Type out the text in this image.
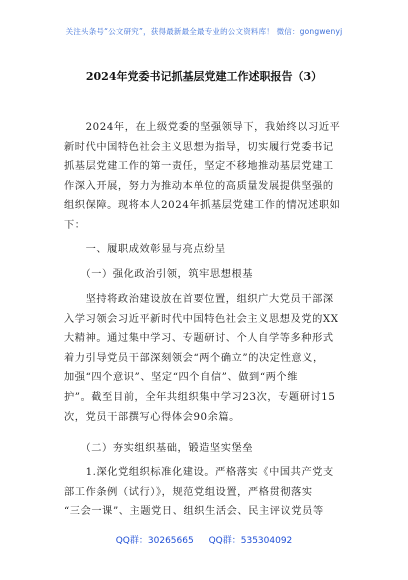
关注头条号“公文研究”，获得最新最全最专业的公文资料库！ 微信：gongwenyj
2024年党委书记抓基层党建工作述职报告（3）
　　2024年，在上级党委的坚强领导下，我始终以习近平
新时代中国特色社会主义思想为指导，切实履行党委书记
抓基层党建工作的第一责任，坚定不移地推动基层党建工
作深入开展，努力为推动本单位的高质量发展提供坚强的
组织保障。现将本人2024年抓基层党建工作的情况述职如
下：
　　一、履职成效彰显与亮点纷呈
　　（一）强化政治引领，筑牢思想根基
　　坚持将政治建设放在首要位置，组织广大党员干部深
入学习领会习近平新时代中国特色社会主义思想及党的XX
大精神。通过集中学习、专题研讨、个人自学等多种形式
着力引导党员干部深刻领会“两个确立”的决定性意义，
加强“四个意识”、坚定“四个自信”、做到“两个维
护”。截至目前，全年共组织集中学习23次，专题研讨15
次，党员干部撰写心得体会90余篇。
　　（二）夯实组织基础，锻造坚实堡垒
　　1.深化党组织标准化建设。严格落实《中国共产党支
部工作条例（试行）》，规范党组设置，严格贯彻落实
“三会一课”、主题党日、组织生活会、民主评议党员等
QQ群：30265665 QQ群：535304092
